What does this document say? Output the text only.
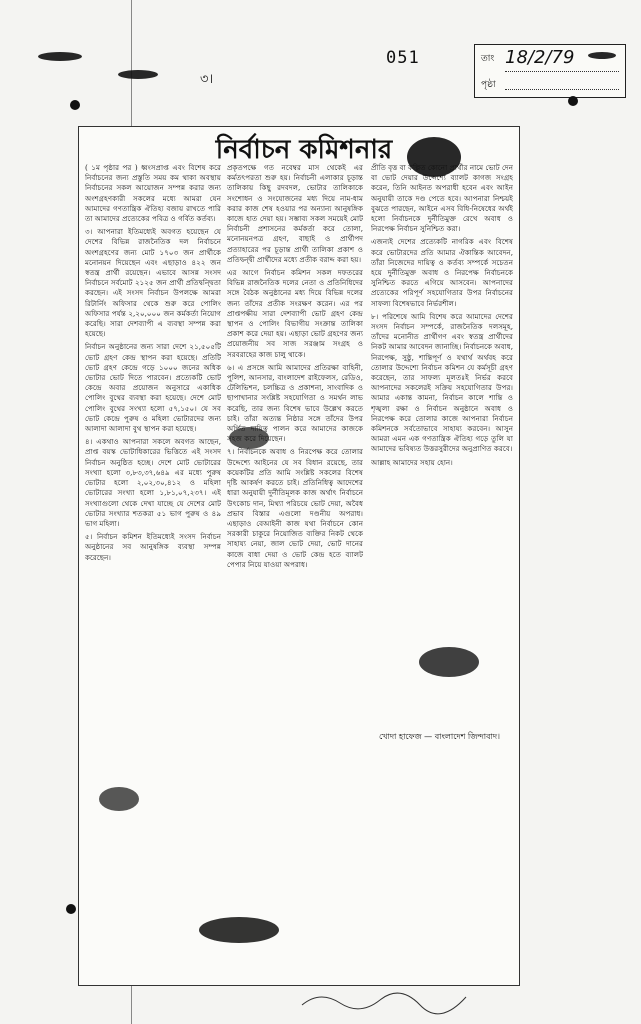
051
৩।
তাং 18/2/79
পৃষ্ঠা
নির্বাচন কমিশনার

( ১ম পৃষ্ঠার পর ) ধ্বংসপ্রাপ্ত এবং বিশেষ করে নির্বাচনের জন্য প্রস্তুতি সময় কম থাকা অবস্থায় নির্বাচনের সকল আয়োজন সম্পন্ন করার জন্য অংশগ্রহণকারী সকলের মধ্যে আমরা যেন আমাদের গণতান্ত্রিক ঐতিহ্য বজায় রাখতে পারি তা আমাদের প্রত্যেকের পবিত্র ও গর্বিত কর্তব্য।

৩। আপনারা ইতিমধ্যেই অবগত হয়েছেন যে দেশের বিভিন্ন রাজনৈতিক দল নির্বাচনে অংশগ্রহণের জন্য মোট ১৭০৩ জন প্রার্থীকে মনোনয়ন দিয়েছেন এবং এছাড়াও ৪২২ জন স্বতন্ত্র প্রার্থী রয়েছেন। এভাবে আসন্ন সংসদ নির্বাচনে সর্বমোট ২১২৫ জন প্রার্থী প্রতিদ্বন্দ্বিতা করছেন। এই সংসদ নির্বাচন উপলক্ষে আমরা রিটার্নিং অফিসার থেকে শুরু করে পোলিং অফিসার পর্যন্ত ২,২০,০০০ জন কর্মকর্তা নিয়োগ করেছি। সারা দেশব্যাপী এ ব্যবস্থা সম্পন্ন করা হয়েছে।

নির্বাচন অনুষ্ঠানের জন্য সারা দেশে ২১,৫০৫টি ভোট গ্রহণ কেন্দ্র স্থাপন করা হয়েছে। প্রতিটি ভোট গ্রহণ কেন্দ্রে গড়ে ১০০০ জনের অধিক ভোটার ভোট দিতে পারবেন। প্রত্যেকটি ভোট কেন্দ্রে অবার প্রয়োজন অনুসারে একাধিক পোলিং বুথের ব্যবস্থা করা হয়েছে। দেশে মোট পোলিং বুথের সংখ্যা হলো ৫৭,১৫০। যে সব ভোট কেন্দ্রে পুরুষ ও মহিলা ভোটারদের জন্য আলাদা আলাদা বুথ স্থাপন করা হয়েছে।

৪। একথাও আপনারা সকলে অবগত আছেন, প্রাপ্ত বয়স্ক ভোটাধিকারের ভিত্তিতে এই সংসদ নির্বাচন অনুষ্ঠিত হচ্ছে। দেশে মোট ভোটারের সংখ্যা হলো ৩,৮৩,৩৭,৬৪৯ এর মধ্যে পুরুষ ভোটার হলো ২,০২,৩০,৪১২ ও মহিলা ভোটারের সংখ্যা হলো ১,৮১,০৭,২৩৭। এই সংখ্যাগুলো থেকে দেখা যাচ্ছে যে দেশের মোট ভোটার সংখ্যার শতকরা ৫১ ভাগ পুরুষ ও ৪৯ ভাগ মহিলা।

৫। নির্বাচন কমিশন ইতিমধ্যেই সংসদ নির্বাচন অনুষ্ঠানের সব আনুষঙ্গিক ব্যবস্থা সম্পন্ন করেছেন।

প্রকৃতপক্ষে গত নবেম্বর মাস থেকেই এর কর্মতৎপরতা শুরু হয়। নির্বাচনী এলাকার চূড়ান্ত তালিকায় কিছু রদবদল, ভোটার তালিকাকে সংশোধন ও সংযোজনের মধ্য দিয়ে নাম-ধাম করার কাজ শেষ হওয়ার পর অন্যান্য আনুষঙ্গিক কাজে হাত দেয়া হয়। সম্ভাব্য সকল সময়েই মোট নির্বাচনী প্রশাসনের কর্মকর্তা করে তোলা, মনোনয়নপত্র গ্রহণ, বাছাই ও প্রার্থীপদ প্রত্যাহারের পর চূড়ান্ত প্রার্থী তালিকা প্রকাশ ও প্রতিদ্বন্দ্বী প্রার্থীদের মধ্যে প্রতীক বরাদ্দ করা হয়।

এর আগে নির্বাচন কমিশন সকল দফতরের বিভিন্ন রাজনৈতিক দলের নেতা ও প্রতিনিধিদের সঙ্গে বৈঠক অনুষ্ঠানের মধ্য দিয়ে বিভিন্ন দলের জন্য তাঁদের প্রতীক সংরক্ষণ করেন। এর পর প্রাপ্তপক্ষীয় সারা দেশব্যাপী ভোট গ্রহণ কেন্দ্র স্থাপন ও পোলিং বিভাগীয় সংক্রান্ত তালিকা প্রকাশ করে দেয়া হয়। এছাড়া ভোট গ্রহণের জন্য প্রয়োজনীয় সব সাজ সরঞ্জাম সংগ্রহ ও সরবরাহের কাজ চালু থাকে।

৬। এ প্রসঙ্গে আমি আমাদের প্রতিরক্ষা বাহিনী, পুলিশ, আনসার, বাংলাদেশ রাইফেলস, রেডিও, টেলিভিশন, চলচ্চিত্র ও প্রকাশনা, সাংবাদিক ও ছাপাখানার সংশ্লিষ্ট সহযোগিতা ও সমর্থন লাভ করেছি, তার জন্য বিশেষ ভাবে উল্লেখ করতে চাই। তাঁরা অত্যন্ত নিষ্ঠার সঙ্গে তাঁদের উপর অর্পিত দায়িত্ব পালন করে আমাদের কাজকে সহজ করে দিয়েছেন।

৭। নির্বাচনকে অবাধ ও নিরপেক্ষ করে তোলার উদ্দেশ্যে আইনের যে সব বিধান রয়েছে, তার কয়েকটির প্রতি আমি সংশ্লিষ্ট সকলের বিশেষ দৃষ্টি আকর্ষণ করতে চাই। প্রতিনিধিত্ব আদেশের ধারা অনুযায়ী দুর্নীতিমূলক কাজ অর্থাৎ নির্বাচনে উৎকোচ দান, মিথ্যা পরিচয়ে ভোট দেয়া, অবৈধ প্রভাব বিস্তার এগুলো দণ্ডনীয় অপরাধ। এছাড়াও বেআইনী কাজ যথা নির্বাচনে কোন সরকারী চাকুরে নিয়োজিত ব্যক্তির নিকট থেকে সাহায্য নেয়া, জাল ভোট দেয়া, ভোট দানের কাজে বাধা দেয়া ও ভোট কেন্দ্র হতে ব্যালট পেপার নিয়ে যাওয়া অপরাধ।

প্রীতি বৃত্ত বা কল্পিত কোনো প্রার্থীর নামে ভোট দেন বা ভোট দেয়ার উদ্দেশ্যে ব্যালট কাগজ সংগ্রহ করেন, তিনি আইনত অপরাধী হবেন এবং আইন অনুযায়ী তাকে দণ্ড পেতে হবে। আপনারা নিশ্চয়ই বুঝতে পারছেন, আইনে এসব বিধি-নিষেধের অর্থই হলো নির্বাচনকে দুর্নীতিমুক্ত রেখে অবাধ ও নিরপেক্ষ নির্বাচন সুনিশ্চিত করা।

এজন্যই দেশের প্রত্যেকটি নাগরিক এবং বিশেষ করে ভোটারদের প্রতি আমার ঐকান্তিক আবেদন, তাঁরা নিজেদের দায়িত্ব ও কর্তব্য সম্পর্কে সচেতন হয়ে দুর্নীতিমুক্ত অবাধ ও নিরপেক্ষ নির্বাচনকে সুনিশ্চিত করতে এগিয়ে আসবেন। আপনাদের প্রত্যেকের পরিপূর্ণ সহযোগিতার উপর নির্বাচনের সাফল্য বিশেষভাবে নির্ভরশীল।

৮। পরিশেষে আমি বিশেষ করে আমাদের দেশের সংসদ নির্বাচন সম্পর্কে, রাজনৈতিক দলসমূহ, তাঁদের মনোনীত প্রার্থীগণ এবং স্বতন্ত্র প্রার্থীদের নিকট আমার আবেদন জানাচ্ছি। নির্বাচনকে অবাধ, নিরপেক্ষ, সুষ্ঠু, শান্তিপূর্ণ ও যথার্থ অর্থবহ করে তোলার উদ্দেশ্যে নির্বাচন কমিশন যে কর্মসূচী গ্রহণ করেছেন, তার সাফল্য মূলতঃই নির্ভর করবে আপনাদের সকলেরই সক্রিয় সহযোগিতার উপর। আমার একান্ত কামনা, নির্বাচন কালে শান্তি ও শৃঙ্খলা রক্ষা ও নির্বাচন অনুষ্ঠানে অবাধ ও নিরপেক্ষ করে তোলার কাজে আপনারা নির্বাচন কমিশনকে সর্বতোভাবে সাহায্য করবেন। আসুন আমরা এমন এক গণতান্ত্রিক ঐতিহ্য গড়ে তুলি যা আমাদের ভবিষ্যত উত্তরসুরীদের অনুপ্রাণিত করবে।

আল্লাহ আমাদের সহায় হোন।

খোদা হাফেজ — বাংলাদেশ জিন্দাবাদ।
